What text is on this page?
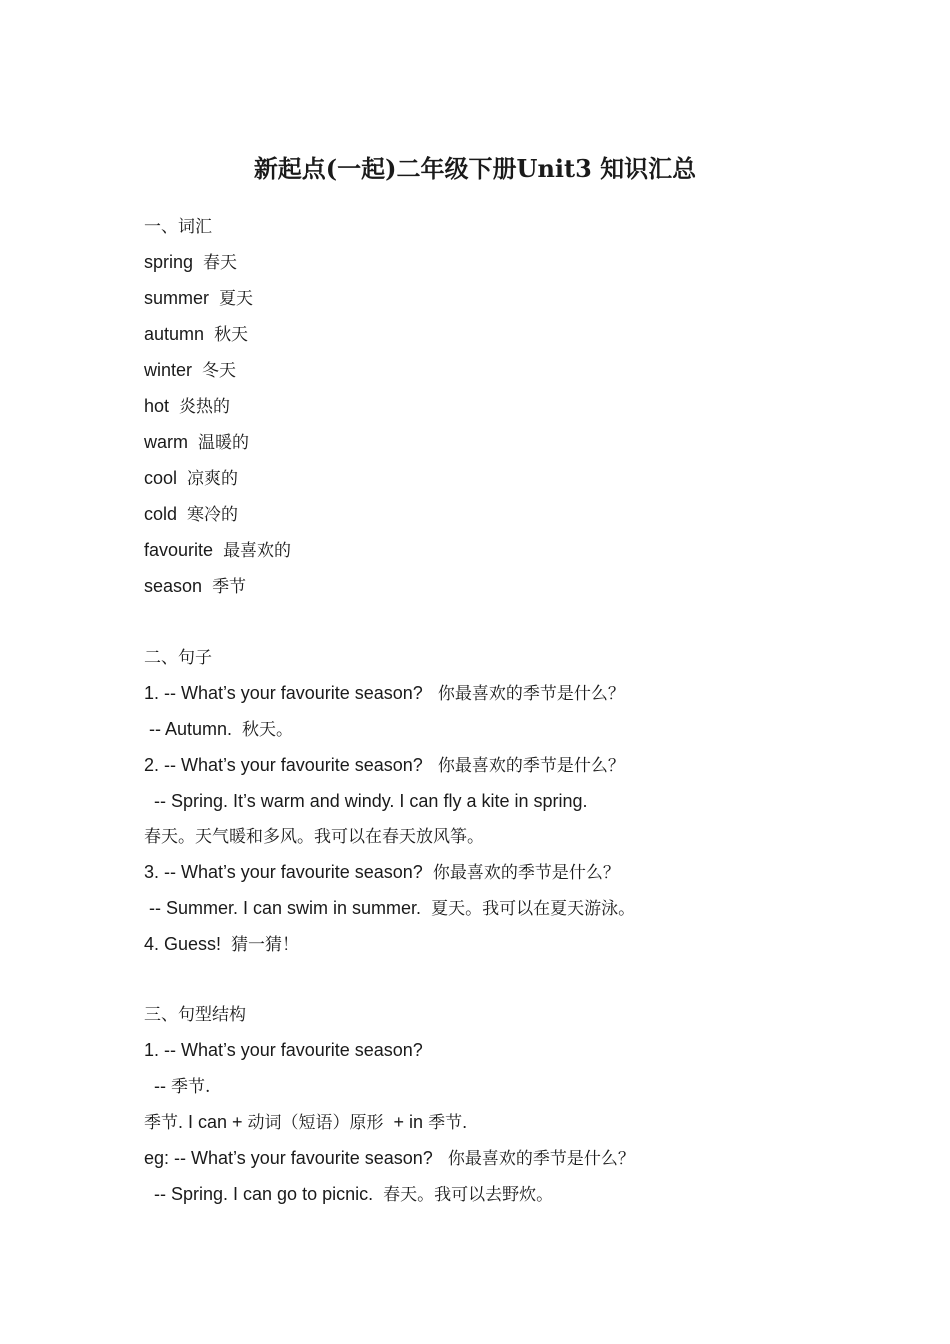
新起点(一起)二年级下册Unit3 知识汇总
一、词汇
spring 春天
summer 夏天
autumn 秋天
winter 冬天
hot 炎热的
warm 温暖的
cool 凉爽的
cold 寒冷的
favourite 最喜欢的
season 季节
二、句子
1. -- What’s your favourite season? 你最喜欢的季节是什么？
-- Autumn. 秋天。
2. -- What’s your favourite season? 你最喜欢的季节是什么？
-- Spring. It’s warm and windy. I can fly a kite in spring.
春天。天气暖和多风。我可以在春天放风筝。
3. -- What’s your favourite season? 你最喜欢的季节是什么？
-- Summer. I can swim in summer. 夏天。我可以在夏天游泳。
4. Guess! 猜一猜！
三、句型结构
1. -- What’s your favourite season?
-- 季节.
季节. I can + 动词（短语）原形  + in 季节.
eg: -- What’s your favourite season? 你最喜欢的季节是什么？
-- Spring. I can go to picnic. 春天。我可以去野炊。
